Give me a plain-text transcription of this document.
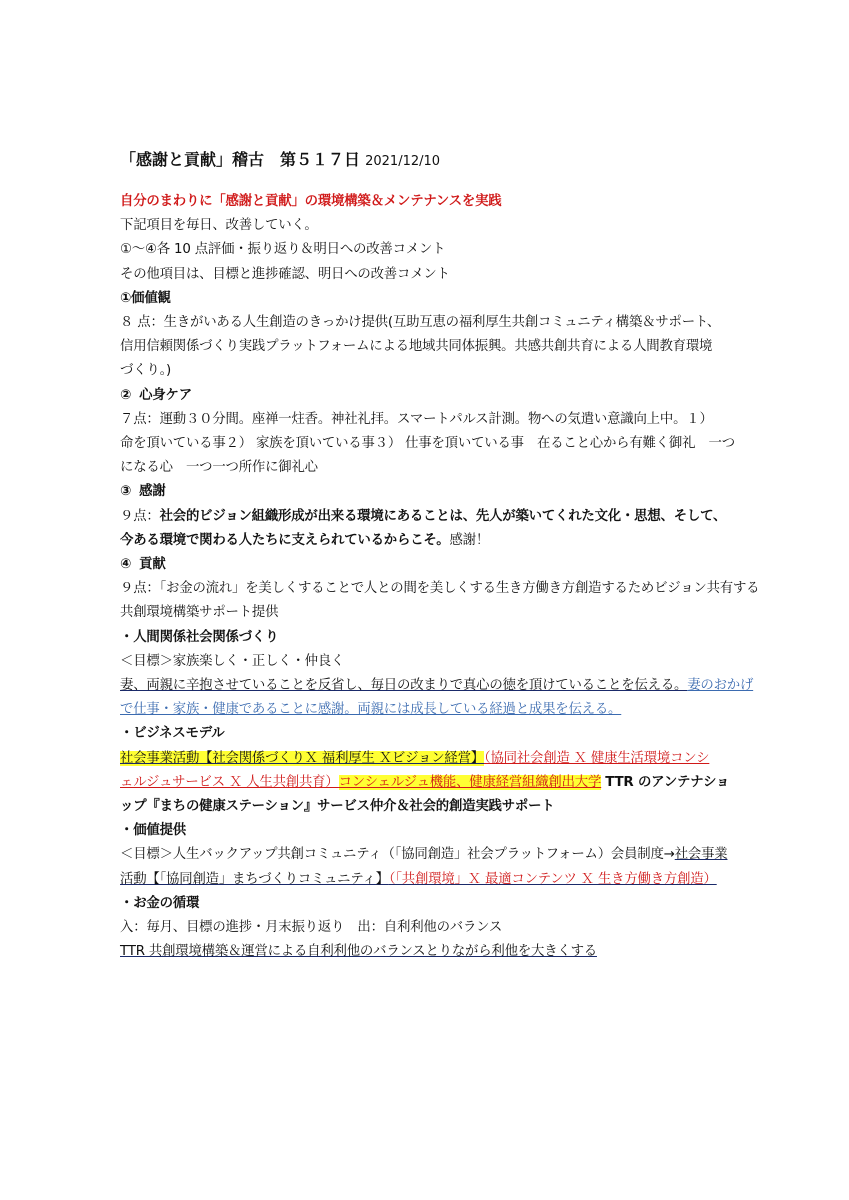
「感謝と貢献」稽古　第５１７日 2021/12/10
自分のまわりに「感謝と貢献」の環境構築＆メンテナンスを実践
下記項目を毎日、改善していく。
①～④各 10 点評価・振り返り＆明日への改善コメント
その他項目は、目標と進捗確認、明日への改善コメント
①価値観
８ 点：生きがいある人生創造のきっかけ提供(互助互恵の福利厚生共創コミュニティ構築＆サポート、
信用信頼関係づくり実践プラットフォームによる地域共同体振興。共感共創共育による人間教育環境
づくり。)
② 心身ケア
７点：運動３０分間。座禅一炷香。神社礼拝。スマートパルス計測。物への気遣い意識向上中。１）
命を頂いている事２） 家族を頂いている事３） 仕事を頂いている事　在ること心から有難く御礼　一つ
になる心　一つ一つ所作に御礼心
③ 感謝
９点：社会的ビジョン組織形成が出来る環境にあることは、先人が築いてくれた文化・思想、そして、
今ある環境で関わる人たちに支えられているからこそ。感謝！
④ 貢献
９点：「お金の流れ」を美しくすることで人との間を美しくする生き方働き方創造するためビジョン共有する
共創環境構築サポート提供
・人間関係社会関係づくり
＜目標＞家族楽しく・正しく・仲良く
妻、両親に辛抱させていることを反省し、毎日の改まりで真心の徳を頂けていることを伝える。妻のおかげ
で仕事・家族・健康であることに感謝。両親には成長している経過と成果を伝える。
・ビジネスモデル
社会事業活動【社会関係づくりＸ 福利厚生 Ｘビジョン経営】（協同社会創造 Ｘ 健康生活環境コンシ
ェルジュサービス Ｘ 人生共創共育）コンシェルジュ機能、健康経営組織創出大学 TTR のアンテナショ
ップ『まちの健康ステーション』サービス仲介＆社会的創造実践サポート
・価値提供
＜目標＞人生バックアップ共創コミュニティ（「協同創造」社会プラットフォーム）会員制度→社会事業
活動【「協同創造」まちづくりコミュニティ】（「共創環境」Ｘ 最適コンテンツ Ｘ 生き方働き方創造）
・お金の循環
入：毎月、目標の進捗・月末振り返り　出：自利利他のバランス
TTR 共創環境構築＆運営による自利利他のバランスとりながら利他を大きくする
